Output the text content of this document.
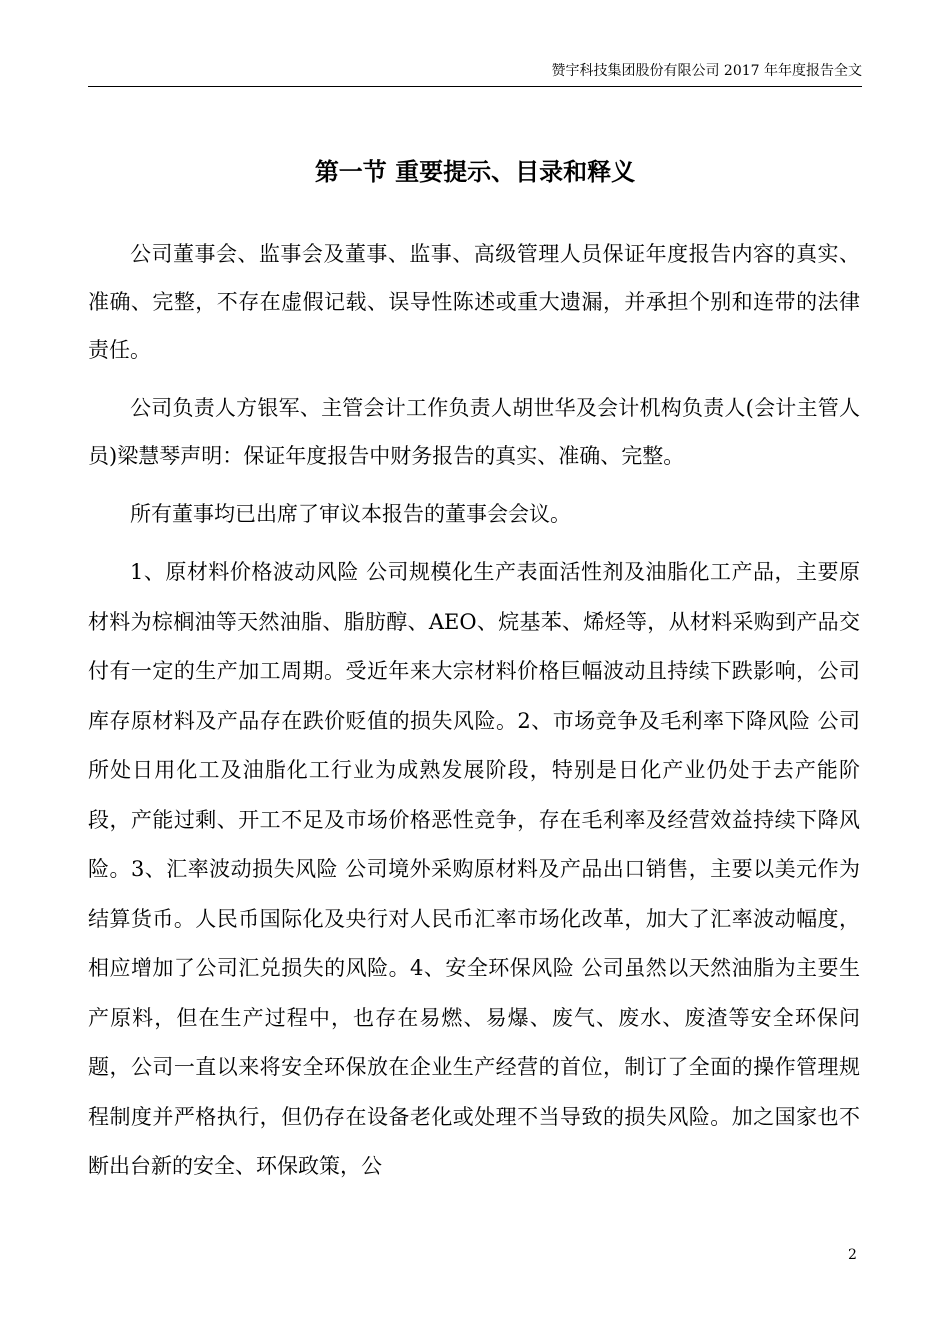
赞宇科技集团股份有限公司 2017 年年度报告全文
第一节 重要提示、目录和释义

公司董事会、监事会及董事、监事、高级管理人员保证年度报告内容的真实、准确、完整，不存在虚假记载、误导性陈述或重大遗漏，并承担个别和连带的法律责任。

公司负责人方银军、主管会计工作负责人胡世华及会计机构负责人(会计主管人员)梁慧琴声明：保证年度报告中财务报告的真实、准确、完整。

所有董事均已出席了审议本报告的董事会会议。

1、原材料价格波动风险 公司规模化生产表面活性剂及油脂化工产品，主要原材料为棕榈油等天然油脂、脂肪醇、AEO、烷基苯、烯烃等，从材料采购到产品交付有一定的生产加工周期。受近年来大宗材料价格巨幅波动且持续下跌影响，公司库存原材料及产品存在跌价贬值的损失风险。2、市场竞争及毛利率下降风险 公司所处日用化工及油脂化工行业为成熟发展阶段，特别是日化产业仍处于去产能阶段，产能过剩、开工不足及市场价格恶性竞争，存在毛利率及经营效益持续下降风险。3、汇率波动损失风险 公司境外采购原材料及产品出口销售，主要以美元作为结算货币。人民币国际化及央行对人民币汇率市场化改革，加大了汇率波动幅度，相应增加了公司汇兑损失的风险。4、安全环保风险 公司虽然以天然油脂为主要生产原料，但在生产过程中，也存在易燃、易爆、废气、废水、废渣等安全环保问题，公司一直以来将安全环保放在企业生产经营的首位，制订了全面的操作管理规程制度并严格执行，但仍存在设备老化或处理不当导致的损失风险。加之国家也不断出台新的安全、环保政策，公

2
